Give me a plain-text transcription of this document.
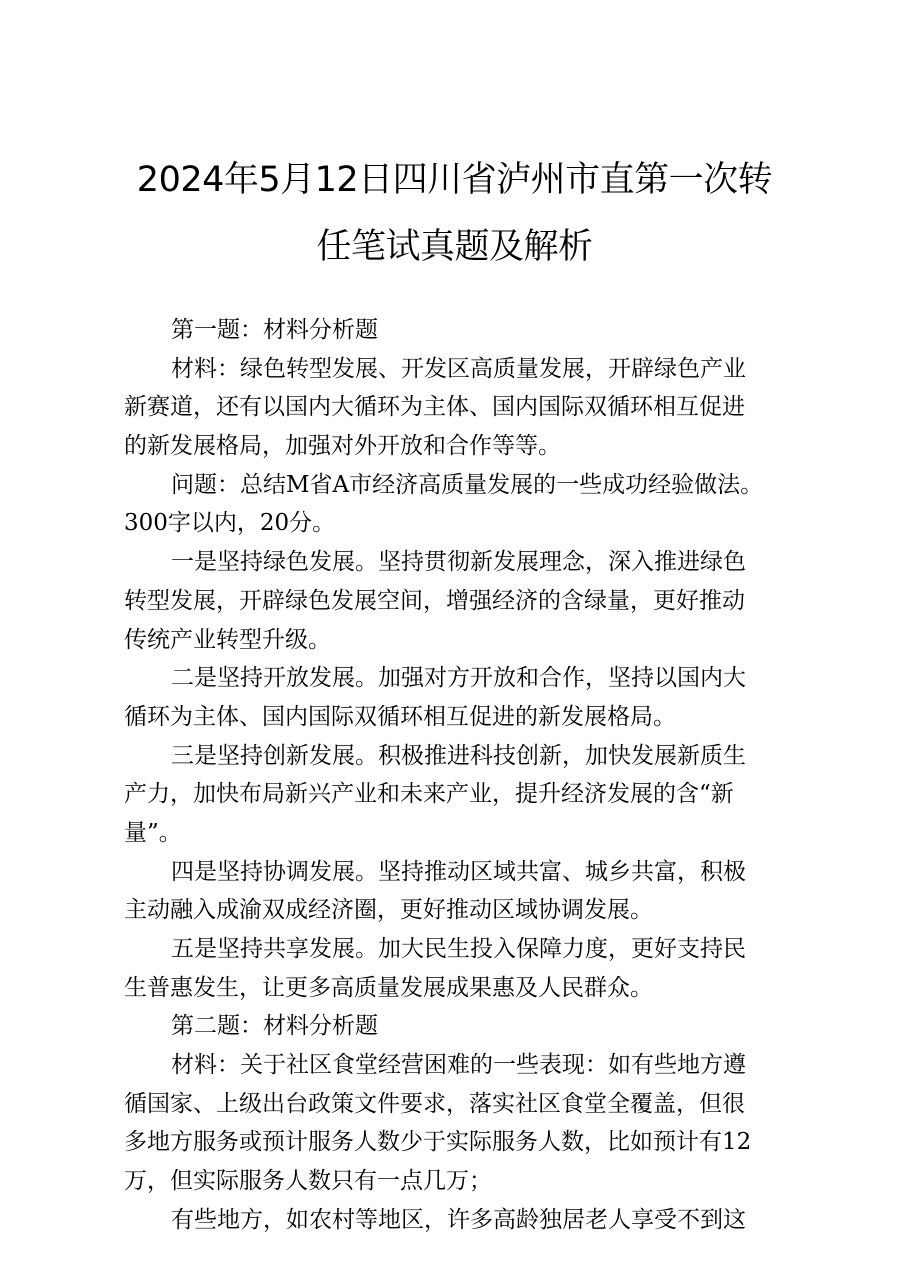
2024年5月12日四川省泸州市直第一次转
任笔试真题及解析
第一题：材料分析题
材料：绿色转型发展、开发区高质量发展，开辟绿色产业
新赛道，还有以国内大循环为主体、国内国际双循环相互促进
的新发展格局，加强对外开放和合作等等。
问题：总结M省A市经济高质量发展的一些成功经验做法。
300字以内，20分。
一是坚持绿色发展。坚持贯彻新发展理念，深入推进绿色
转型发展，开辟绿色发展空间，增强经济的含绿量，更好推动
传统产业转型升级。
二是坚持开放发展。加强对方开放和合作，坚持以国内大
循环为主体、国内国际双循环相互促进的新发展格局。
三是坚持创新发展。积极推进科技创新，加快发展新质生
产力，加快布局新兴产业和未来产业，提升经济发展的含“新
量”。
四是坚持协调发展。坚持推动区域共富、城乡共富，积极
主动融入成渝双成经济圈，更好推动区域协调发展。
五是坚持共享发展。加大民生投入保障力度，更好支持民
生普惠发生，让更多高质量发展成果惠及人民群众。
第二题：材料分析题
材料：关于社区食堂经营困难的一些表现：如有些地方遵
循国家、上级出台政策文件要求，落实社区食堂全覆盖，但很
多地方服务或预计服务人数少于实际服务人数，比如预计有12
万，但实际服务人数只有一点几万；
有些地方，如农村等地区，许多高龄独居老人享受不到这
